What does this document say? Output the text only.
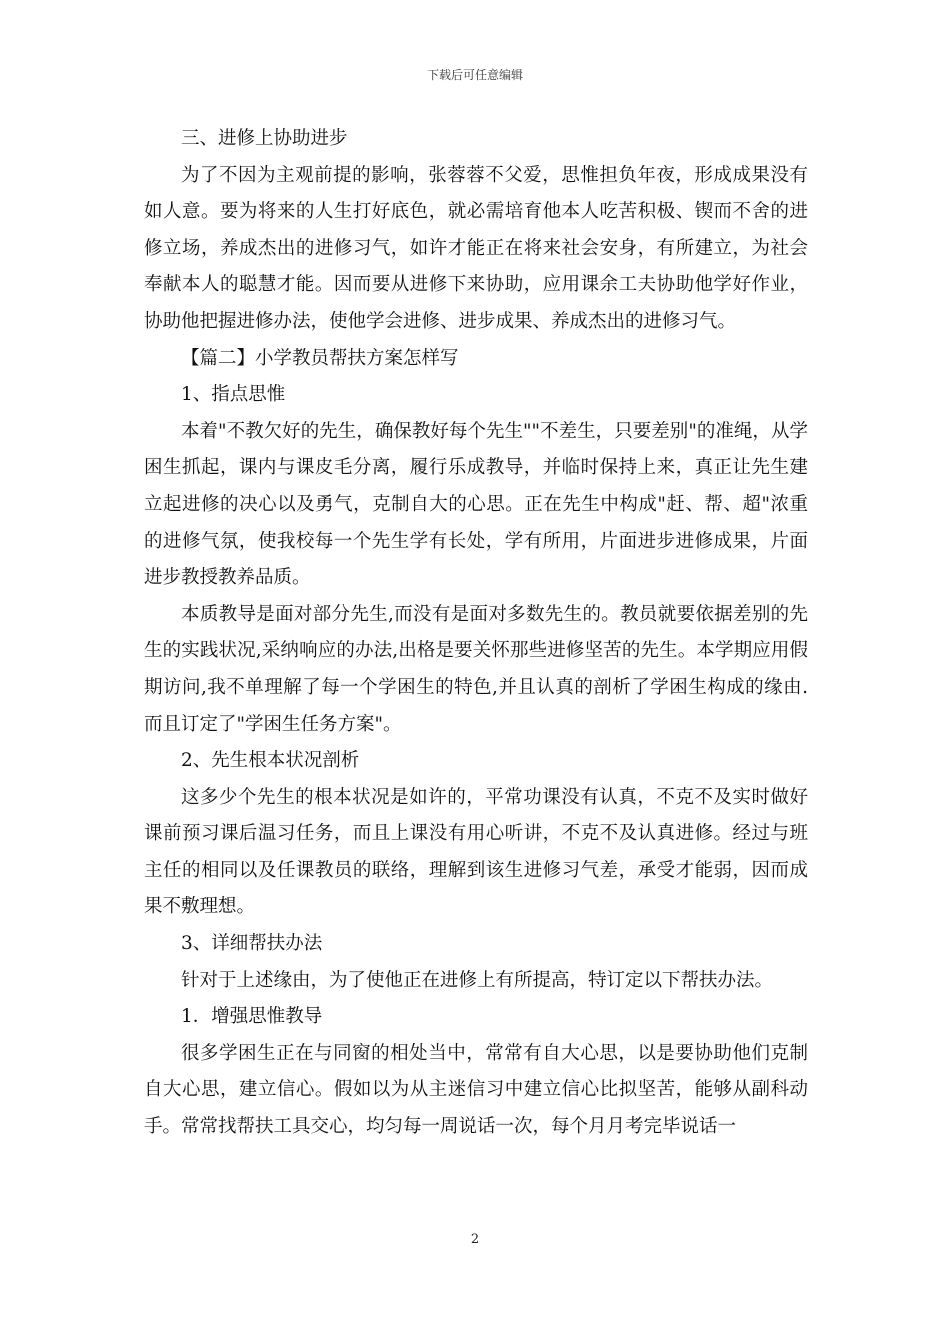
下载后可任意编辑

三、进修上协助进步

为了不因为主观前提的影响，张蓉蓉不父爱，思惟担负年夜，形成成果没有如人意。要为将来的人生打好底色，就必需培育他本人吃苦积极、锲而不舍的进修立场，养成杰出的进修习气，如许才能正在将来社会安身，有所建立，为社会奉献本人的聪慧才能。因而要从进修下来协助，应用课余工夫协助他学好作业，协助他把握进修办法，使他学会进修、进步成果、养成杰出的进修习气。

【篇二】小学教员帮扶方案怎样写

1、指点思惟

本着"不教欠好的先生，确保教好每个先生""不差生，只要差别"的准绳，从学困生抓起，课内与课皮毛分离，履行乐成教导，并临时保持上来，真正让先生建立起进修的决心以及勇气，克制自大的心思。正在先生中构成"赶、帮、超"浓重的进修气氛，使我校每一个先生学有长处，学有所用，片面进步进修成果，片面进步教授教养品质。

本质教导是面对部分先生,而没有是面对多数先生的。教员就要依据差别的先生的实践状况,采纳响应的办法,出格是要关怀那些进修坚苦的先生。本学期应用假期访问,我不单理解了每一个学困生的特色,并且认真的剖析了学困生构成的缘由.而且订定了"学困生任务方案"。

2、先生根本状况剖析

这多少个先生的根本状况是如许的，平常功课没有认真，不克不及实时做好课前预习课后温习任务，而且上课没有用心听讲，不克不及认真进修。经过与班主任的相同以及任课教员的联络，理解到该生进修习气差，承受才能弱，因而成果不敷理想。

3、详细帮扶办法

针对于上述缘由，为了使他正在进修上有所提高，特订定以下帮扶办法。

1．增强思惟教导

很多学困生正在与同窗的相处当中，常常有自大心思，以是要协助他们克制自大心思，建立信心。假如以为从主迷信习中建立信心比拟坚苦，能够从副科动手。常常找帮扶工具交心，均匀每一周说话一次，每个月月考完毕说话一

2
